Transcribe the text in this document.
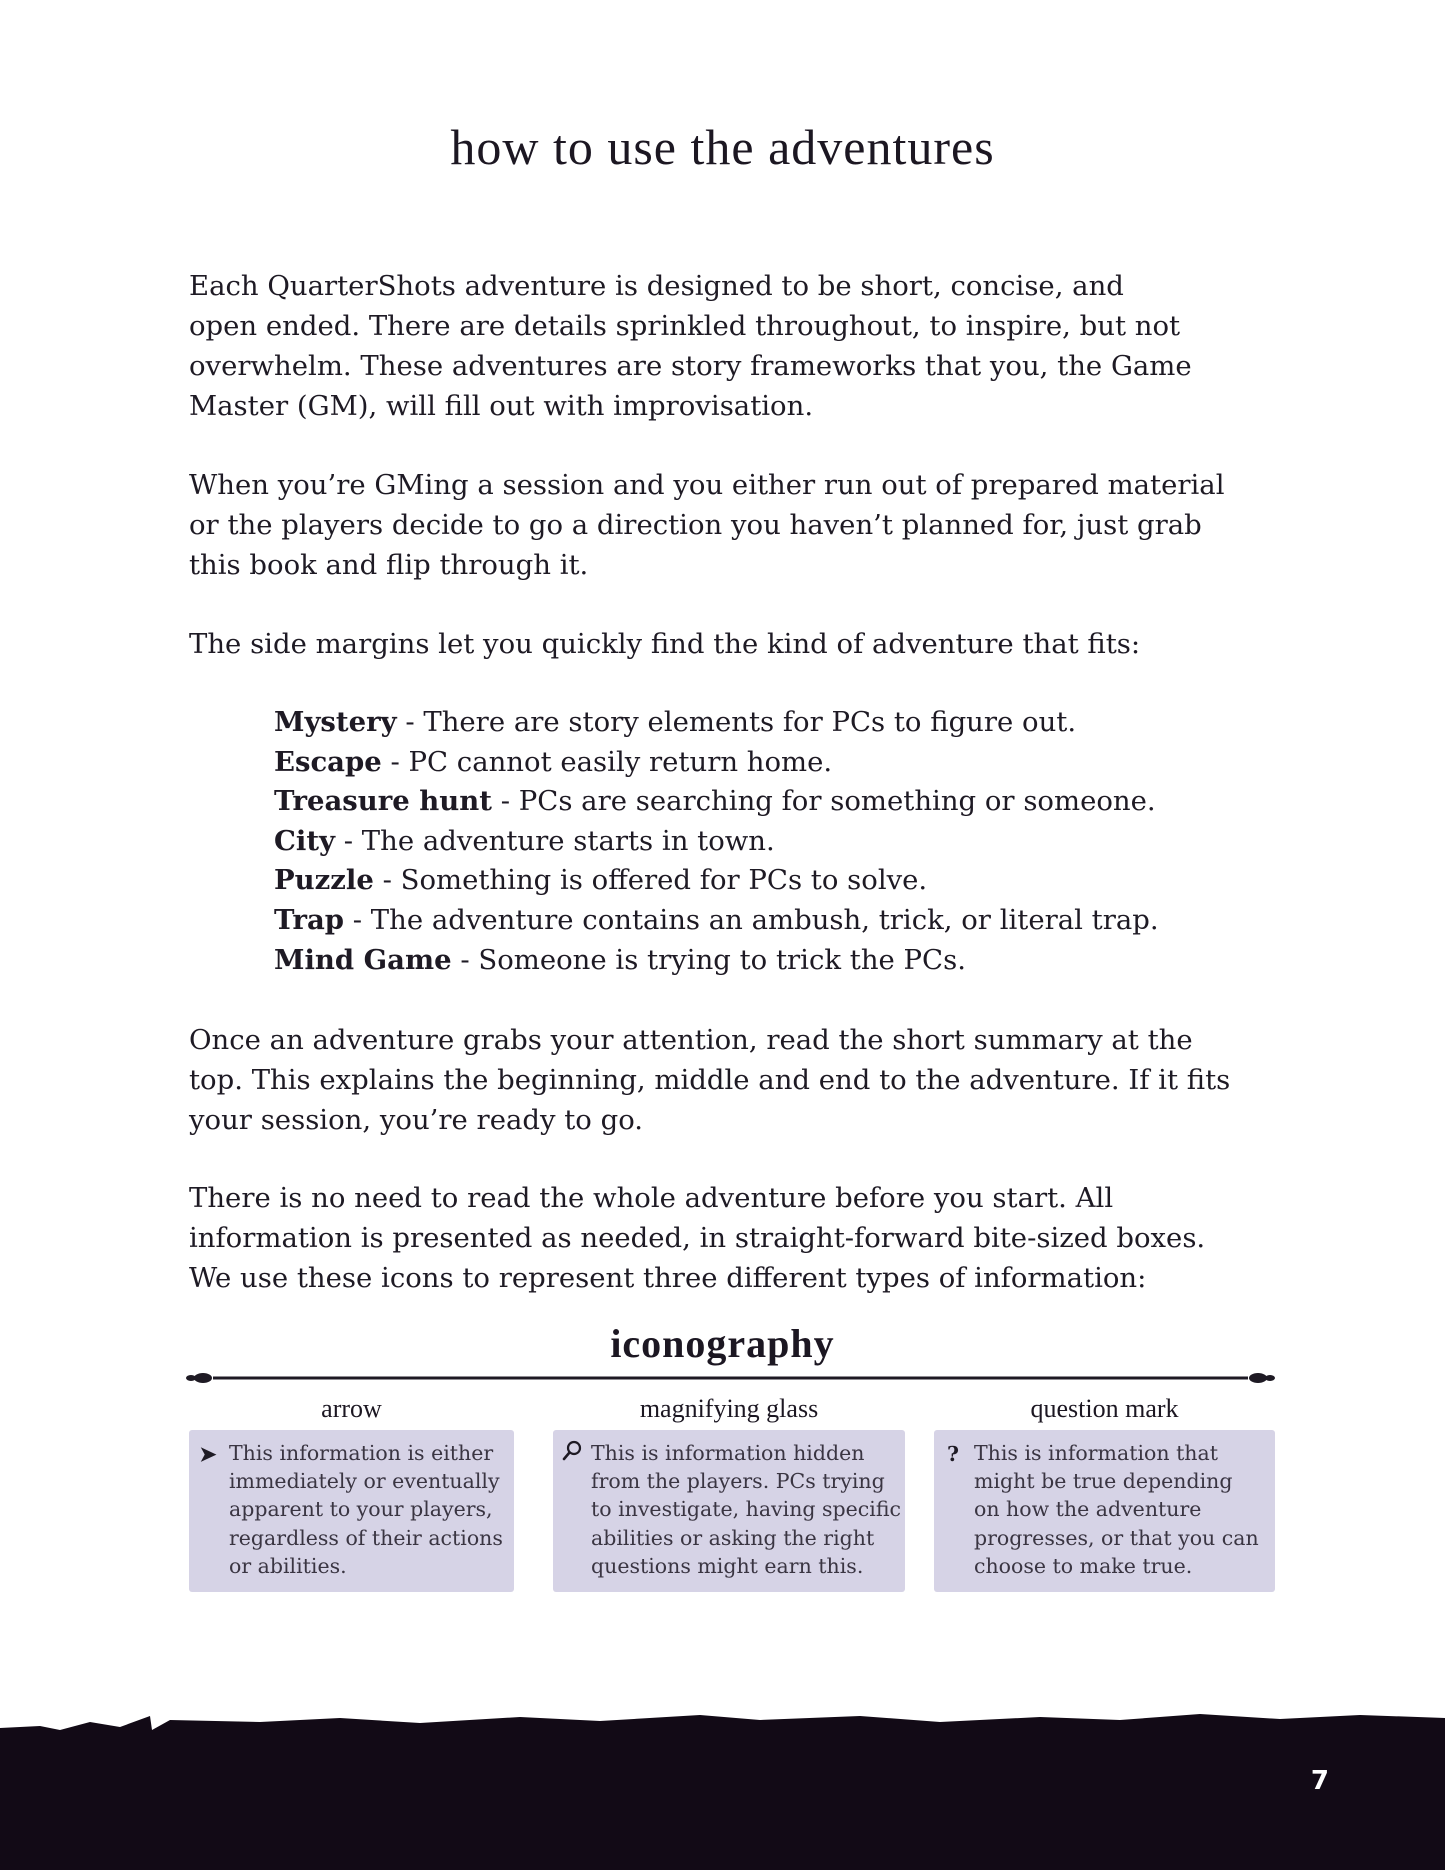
how to use the adventures
Each QuarterShots adventure is designed to be short, concise, and
open ended. There are details sprinkled throughout, to inspire, but not
overwhelm. These adventures are story frameworks that you, the Game
Master (GM), will fill out with improvisation.
When you’re GMing a session and you either run out of prepared material
or the players decide to go a direction you haven’t planned for, just grab
this book and flip through it.
The side margins let you quickly find the kind of adventure that fits:
Mystery - There are story elements for PCs to figure out.
Escape - PC cannot easily return home.
Treasure hunt - PCs are searching for something or someone.
City - The adventure starts in town.
Puzzle - Something is offered for PCs to solve.
Trap - The adventure contains an ambush, trick, or literal trap.
Mind Game - Someone is trying to trick the PCs.
Once an adventure grabs your attention, read the short summary at the
top. This explains the beginning, middle and end to the adventure. If it fits
your session, you’re ready to go.
There is no need to read the whole adventure before you start. All
information is presented as needed, in straight-forward bite-sized boxes.
We use these icons to represent three different types of information:
iconography
arrow	magnifying glass	question mark
➤ This information is either
immediately or eventually
apparent to your players,
regardless of their actions
or abilities.
This is information hidden
from the players. PCs trying
to investigate, having specific
abilities or asking the right
questions might earn this.
? This is information that
might be true depending
on how the adventure
progresses, or that you can
choose to make true.
7
